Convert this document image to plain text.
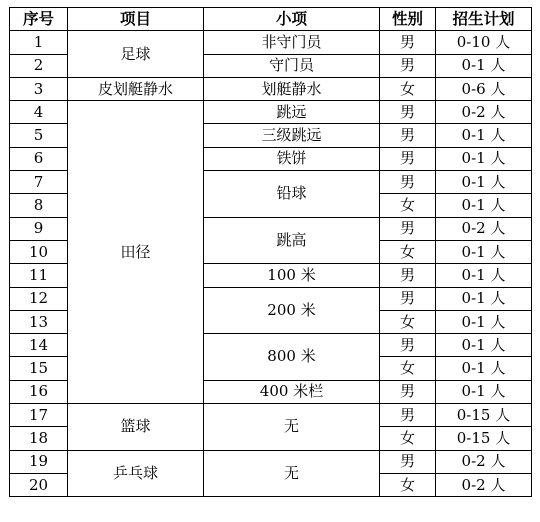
序号	项目	小项	性别	招生计划
1	足球	非守门员	男	0-10 人
2		守门员	男	0-1 人
3	皮划艇静水	划艇静水	女	0-6 人
4	田径	跳远	男	0-2 人
5		三级跳远	男	0-1 人
6		铁饼	男	0-1 人
7		铅球	男	0-1 人
8			女	0-1 人
9		跳高	男	0-2 人
10			女	0-1 人
11		100 米	男	0-1 人
12		200 米	男	0-1 人
13			女	0-1 人
14		800 米	男	0-1 人
15			女	0-1 人
16		400 米栏	男	0-1 人
17	篮球	无	男	0-15 人
18			女	0-15 人
19	乒乓球	无	男	0-2 人
20			女	0-2 人
